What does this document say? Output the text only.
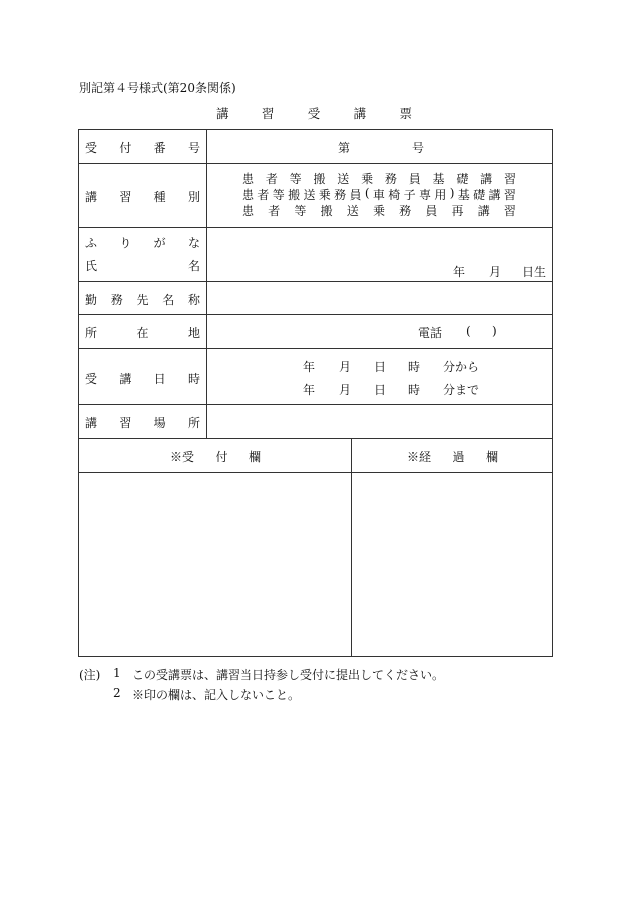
別記第４号様式(第20条関係)
講	習	受	講	票
受 付 番 号	第	号
講 習 種 別
患 者 等 搬 送 乗 務 員 基 礎 講 習
患 者 等 搬 送 乗 務 員 ( 車 椅 子 専 用 ) 基 礎 講 習
患 者 等 搬 送 乗 務 員 再 講 習
ふ り が な
氏	名	年 月 日生
勤 務 先 名 称
所	在	地	電話 ( )
受 講 日 時
年 月 日 時 分から
年 月 日 時 分まで
講 習 場 所
※受 付 欄	※経 過 欄
(注) 1 この受講票は、講習当日持参し受付に提出してください。
2 ※印の欄は、記入しないこと。
